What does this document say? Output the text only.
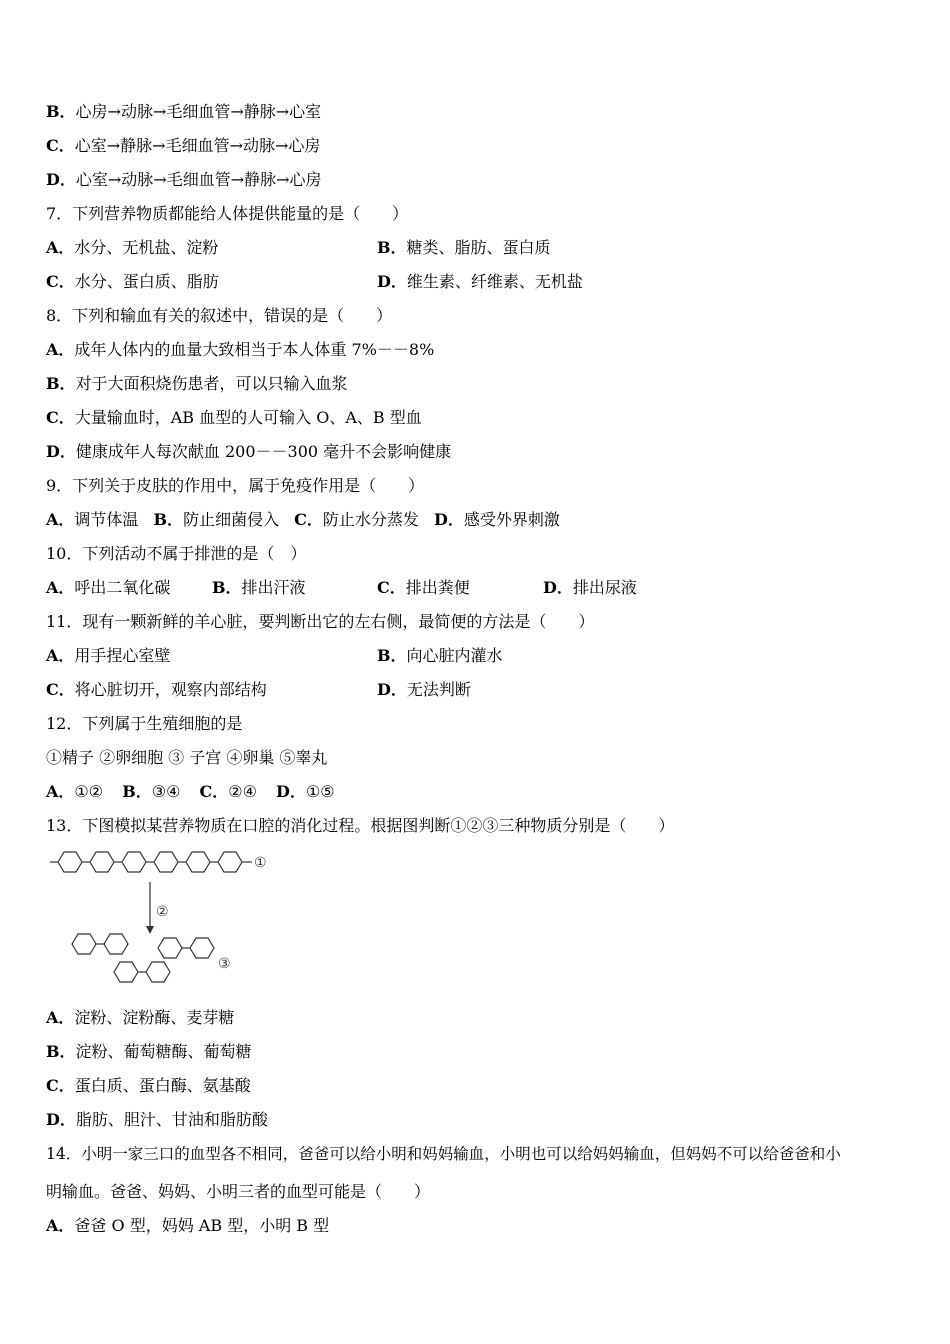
B．心房→动脉→毛细血管→静脉→心室
C．心室→静脉→毛细血管→动脉→心房
D．心室→动脉→毛细血管→静脉→心房
7．下列营养物质都能给人体提供能量的是（　　）
A．水分、无机盐、淀粉	B．糖类、脂肪、蛋白质
C．水分、蛋白质、脂肪	D．维生素、纤维素、无机盐
8．下列和输血有关的叙述中，错误的是（　　）
A．成年人体内的血量大致相当于本人体重 7%－－8%
B．对于大面积烧伤患者，可以只输入血浆
C．大量输血时，AB 血型的人可输入 O、A、B 型血
D．健康成年人每次献血 200－－300 毫升不会影响健康
9．下列关于皮肤的作用中，属于免疫作用是（　　）
A．调节体温 B．防止细菌侵入 C．防止水分蒸发 D．感受外界刺激
10．下列活动不属于排泄的是（　）
A．呼出二氧化碳	B．排出汗液	C．排出粪便	D．排出尿液
11．现有一颗新鲜的羊心脏，要判断出它的左右侧，最简便的方法是（　　）
A．用手捏心室壁	B．向心脏内灌水
C．将心脏切开，观察内部结构	D．无法判断
12．下列属于生殖细胞的是
①精子 ②卵细胞 ③ 子宫 ④卵巢 ⑤睾丸
A．①② B．③④ C．②④ D．①⑤
13．下图模拟某营养物质在口腔的消化过程。根据图判断①②③三种物质分别是（　　）
①
②
③
A．淀粉、淀粉酶、麦芽糖
B．淀粉、葡萄糖酶、葡萄糖
C．蛋白质、蛋白酶、氨基酸
D．脂肪、胆汁、甘油和脂肪酸
14．小明一家三口的血型各不相同，爸爸可以给小明和妈妈输血，小明也可以给妈妈输血，但妈妈不可以给爸爸和小
明输血。爸爸、妈妈、小明三者的血型可能是（　　）
A．爸爸 O 型，妈妈 AB 型，小明 B 型
